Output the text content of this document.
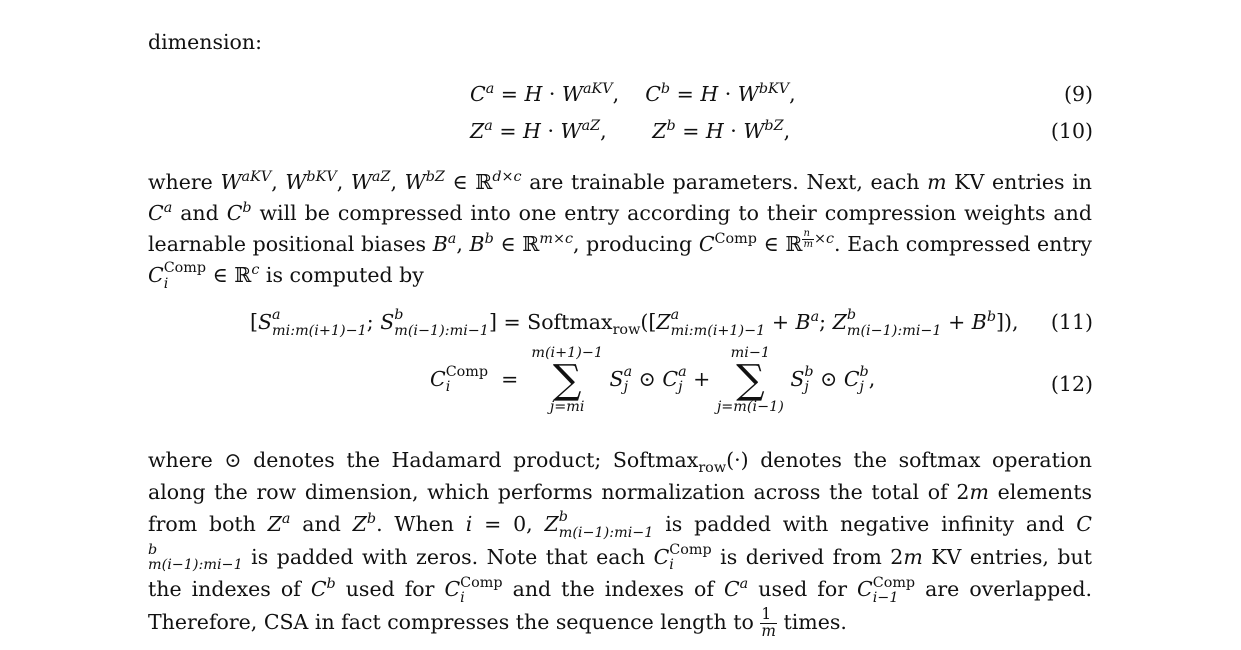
dimension:
$C^a = H \cdot W^{aKV}$,    $C^b = H \cdot W^{bKV}$,	(9)
$Z^a = H \cdot W^{aZ}$,       $Z^b = H \cdot W^{bZ}$,	(10)
where $W^{aKV}$, $W^{bKV}$, $W^{aZ}$, $W^{bZ}$ ∈ ℝ$^{d\times c}$ are trainable parameters. Next, each m KV entries in $C^a$ and $C^b$ will be compressed into one entry according to their compression weights and learnable positional biases $B^a$, $B^b$ ∈ ℝ$^{m\times c}$, producing $C^{Comp}$ ∈ ℝ $^{\frac{n}{m} \times c}$. Each compressed entry C Comp
i	∈ ℝ$^c$ is computed by
[S a
mi:m(i+1)−1 ; S b
m(i−1):mi−1 ] = Softmax$_{row}$([Z a
mi:m(i+1)−1 + $B^a$; Z b
m(i−1):mi−1 + $B^b$]), (11)
C Comp
i	=
m(i+1)−1
∑
j=mi
S a
j ⊙ C a
j +
mi−1
∑
j=m(i−1)
S b
j ⊙ C b
j ,	(12)
where ⊙ denotes the Hadamard product; Softmax$_{row}$(·) denotes the softmax operation along the row dimension, which performs normalization across the total of 2m elements from both $Z^a$ and $Z^b$. When i = 0, Z b
m(i−1):mi−1 is padded with negative infinity and C
b
m(i−1):mi−1 is padded with zeros. Note that each C Comp
i	is derived from 2m KV entries, but the indexes of $C^b$ used for C Comp
i	and the indexes of $C^a$ used for C Comp
i−1	are overlapped. Therefore, CSA in fact compresses the sequence length to $\frac{1}{m}$ times.
